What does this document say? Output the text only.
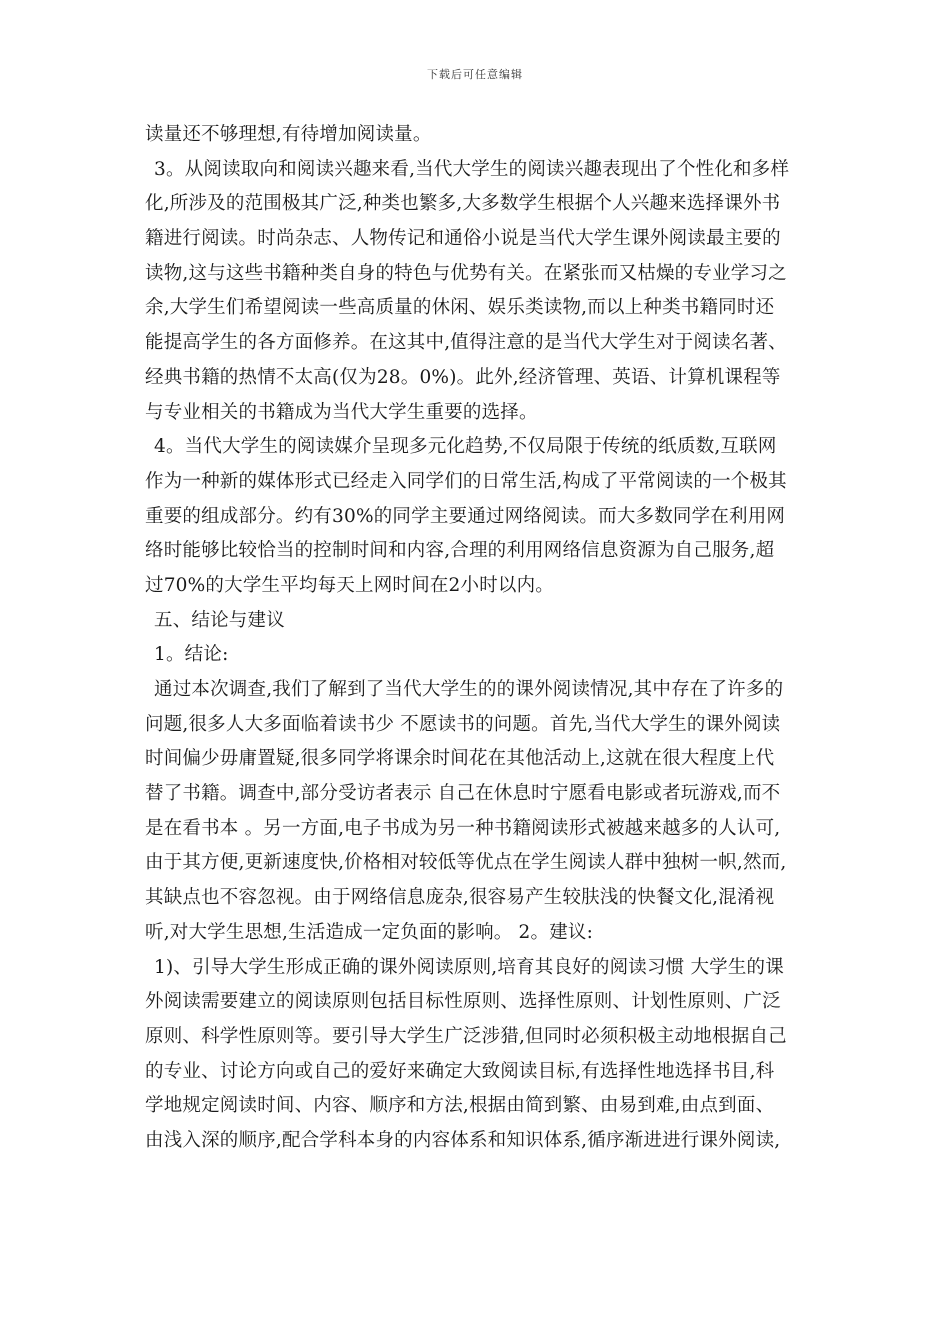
下载后可任意编辑
读量还不够理想,有待增加阅读量。
3。从阅读取向和阅读兴趣来看,当代大学生的阅读兴趣表现出了个性化和多样
化,所涉及的范围极其广泛,种类也繁多,大多数学生根据个人兴趣来选择课外书
籍进行阅读。时尚杂志、人物传记和通俗小说是当代大学生课外阅读最主要的
读物,这与这些书籍种类自身的特色与优势有关。在紧张而又枯燥的专业学习之
余,大学生们希望阅读一些高质量的休闲、娱乐类读物,而以上种类书籍同时还
能提高学生的各方面修养。在这其中,值得注意的是当代大学生对于阅读名著、
经典书籍的热情不太高(仅为28。0%)。此外,经济管理、英语、计算机课程等
与专业相关的书籍成为当代大学生重要的选择。
4。当代大学生的阅读媒介呈现多元化趋势,不仅局限于传统的纸质数,互联网
作为一种新的媒体形式已经走入同学们的日常生活,构成了平常阅读的一个极其
重要的组成部分。约有30%的同学主要通过网络阅读。而大多数同学在利用网
络时能够比较恰当的控制时间和内容,合理的利用网络信息资源为自己服务,超
过70%的大学生平均每天上网时间在2小时以内。
五、结论与建议
1。结论:
通过本次调查,我们了解到了当代大学生的的课外阅读情况,其中存在了许多的
问题,很多人大多面临着读书少 不愿读书的问题。首先,当代大学生的课外阅读
时间偏少毋庸置疑,很多同学将课余时间花在其他活动上,这就在很大程度上代
替了书籍。调查中,部分受访者表示 自己在休息时宁愿看电影或者玩游戏,而不
是在看书本 。另一方面,电子书成为另一种书籍阅读形式被越来越多的人认可,
由于其方便,更新速度快,价格相对较低等优点在学生阅读人群中独树一帜,然而,
其缺点也不容忽视。由于网络信息庞杂,很容易产生较肤浅的快餐文化,混淆视
听,对大学生思想,生活造成一定负面的影响。 2。建议:
1)、引导大学生形成正确的课外阅读原则,培育其良好的阅读习惯 大学生的课
外阅读需要建立的阅读原则包括目标性原则、选择性原则、计划性原则、广泛
原则、科学性原则等。要引导大学生广泛涉猎,但同时必须积极主动地根据自己
的专业、讨论方向或自己的爱好来确定大致阅读目标,有选择性地选择书目,科
学地规定阅读时间、内容、顺序和方法,根据由简到繁、由易到难,由点到面、
由浅入深的顺序,配合学科本身的内容体系和知识体系,循序渐进进行课外阅读,
